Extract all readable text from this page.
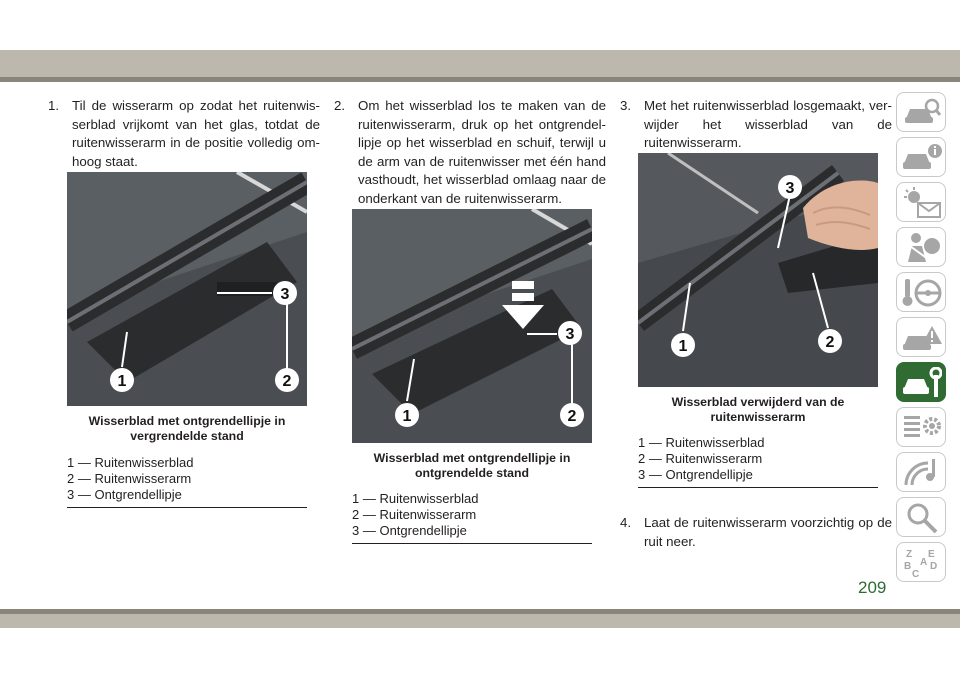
1. Til de wisserarm op zodat het ruitenwis-serblad vrijkomt van het glas, totdat de ruitenwisserarm in de positie volledig om-hoog staat.

1	2
3
Wisserblad met ontgrendellipje in vergrendelde stand
1 — Ruitenwisserblad
2 — Ruitenwisserarm
3 — Ontgrendellipje

2. Om het wisserblad los te maken van de ruitenwisserarm, druk op het ontgrendel-lipje op het wisserblad en schuif, terwijl u de arm van de ruitenwisser met één hand vasthoudt, het wisserblad omlaag naar de onderkant van de ruitenwisserarm.

1	2
3
Wisserblad met ontgrendellipje in ontgrendelde stand
1 — Ruitenwisserblad
2 — Ruitenwisserarm
3 — Ontgrendellipje

3. Met het ruitenwisserblad losgemaakt, ver-wijder het wisserblad van de ruitenwisserarm.

1	2
3
Wisserblad verwijderd van de ruitenwisserarm
1 — Ruitenwisserblad
2 — Ruitenwisserarm
3 — Ontgrendellipje

4. Laat de ruitenwisserarm voorzichtig op de ruit neer.

Z E
B D
C
A
209
